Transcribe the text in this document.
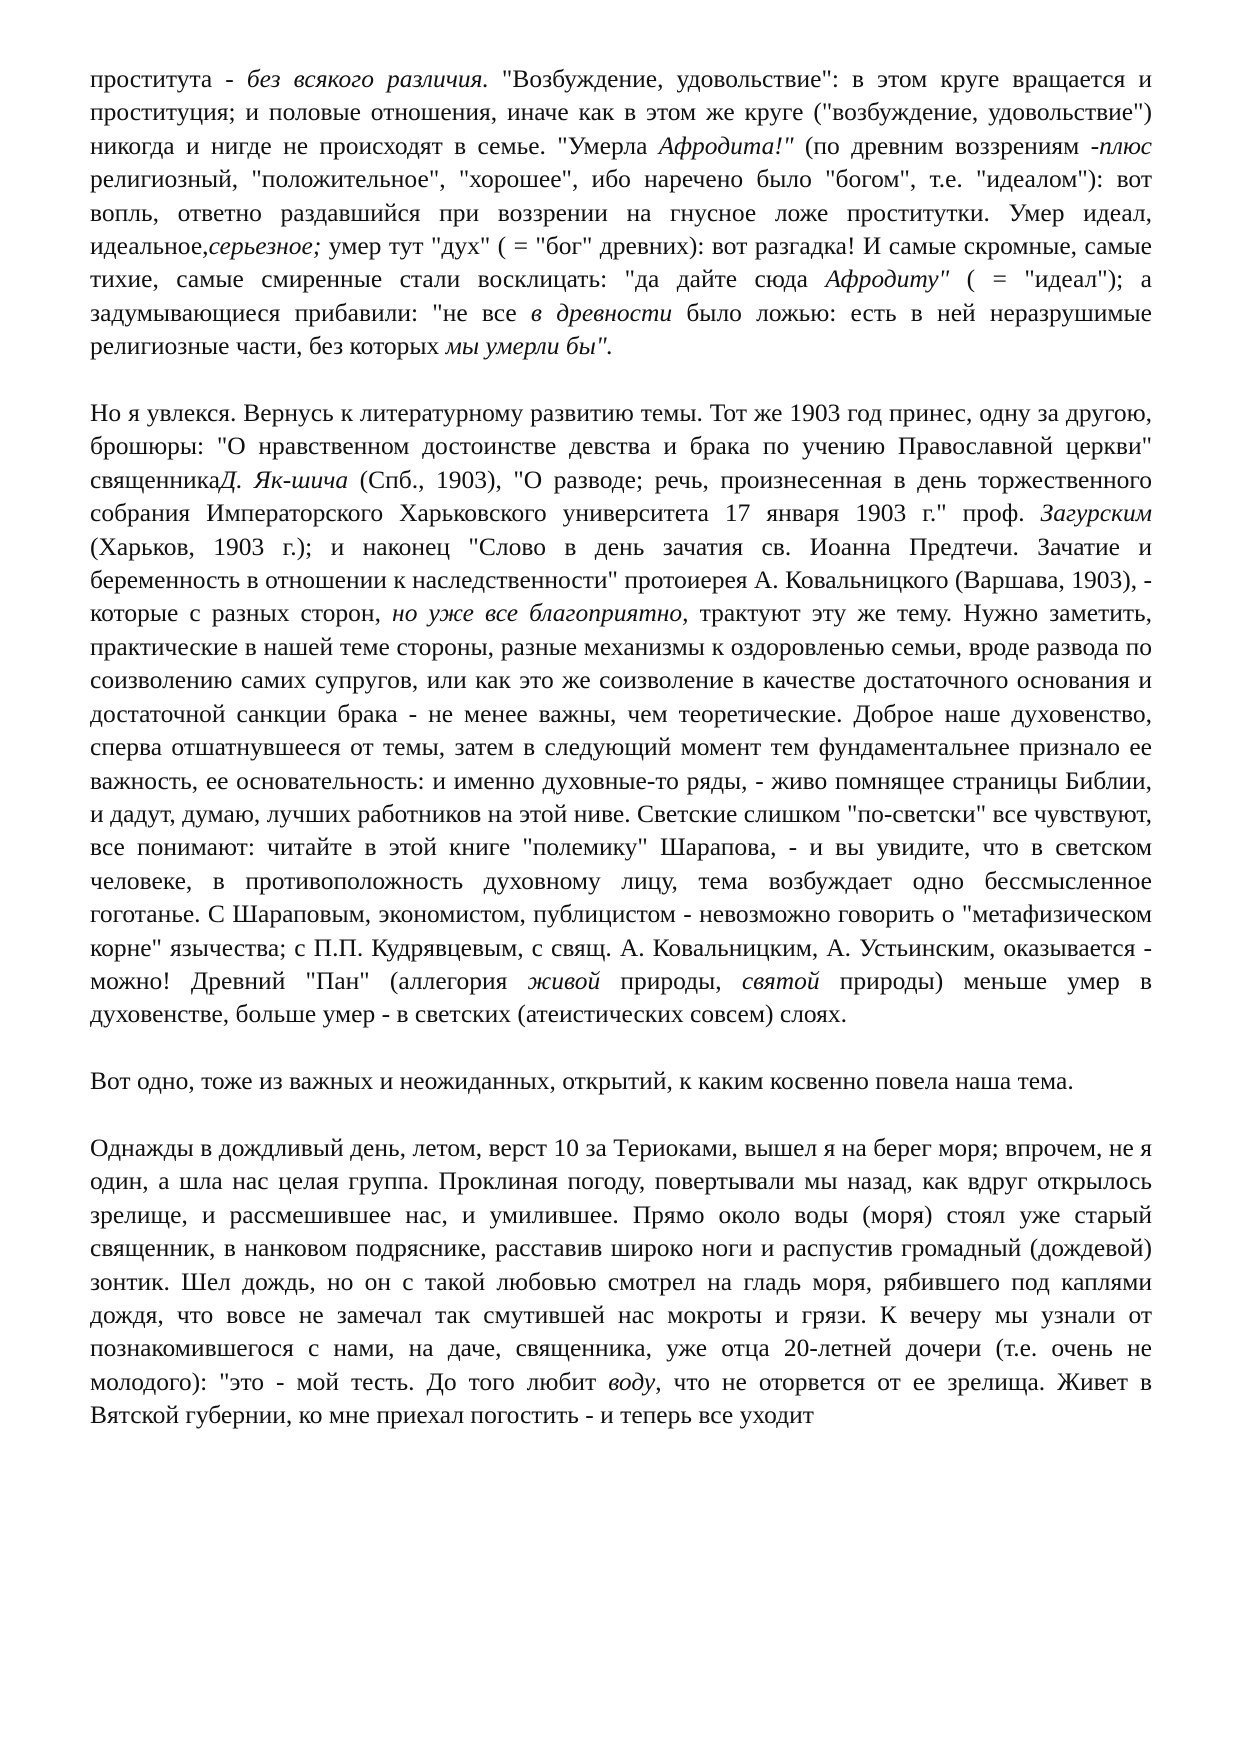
проститута - без всякого различия. "Возбуждение, удовольствие": в этом круге вращается и проституция; и половые отношения, иначе как в этом же круге ("возбуждение, удовольствие") никогда и нигде не происходят в семье. "Умерла Афродита!" (по древним воззрениям -плюс религиозный, "положительное", "хорошее", ибо наречено было "богом", т.е. "идеалом"): вот вопль, ответно раздавшийся при воззрении на гнусное ложе проститутки. Умер идеал, идеальное,серьезное; умер тут "дух" ( = "бог" древних): вот разгадка! И самые скромные, самые тихие, самые смиренные стали восклицать: "да дайте сюда Афродиту" ( = "идеал"); а задумывающиеся прибавили: "не все в древности было ложью: есть в ней неразрушимые религиозные части, без которых мы умерли бы".

Но я увлекся. Вернусь к литературному развитию темы. Тот же 1903 год принес, одну за другою, брошюры: "О нравственном достоинстве девства и брака по учению Православной церкви" священникаД. Як-шича (Спб., 1903), "О разводе; речь, произнесенная в день торжественного собрания Императорского Харьковского университета 17 января 1903 г." проф. Загурским (Харьков, 1903 г.); и наконец "Слово в день зачатия св. Иоанна Предтечи. Зачатие и беременность в отношении к наследственности" протоиерея А. Ковальницкого (Варшава, 1903), - которые с разных сторон, но уже все благоприятно, трактуют эту же тему. Нужно заметить, практические в нашей теме стороны, разные механизмы к оздоровленью семьи, вроде развода по соизволению самих супругов, или как это же соизволение в качестве достаточного основания и достаточной санкции брака - не менее важны, чем теоретические. Доброе наше духовенство, сперва отшатнувшееся от темы, затем в следующий момент тем фундаментальнее признало ее важность, ее основательность: и именно духовные-то ряды, - живо помнящее страницы Библии, и дадут, думаю, лучших работников на этой ниве. Светские слишком "по-светски" все чувствуют, все понимают: читайте в этой книге "полемику" Шарапова, - и вы увидите, что в светском человеке, в противоположность духовному лицу, тема возбуждает одно бессмысленное гоготанье. С Шараповым, экономистом, публицистом - невозможно говорить о "метафизическом корне" язычества; с П.П. Кудрявцевым, с свящ. А. Ковальницким, А. Устьинским, оказывается - можно! Древний "Пан" (аллегория живой природы, святой природы) меньше умер в духовенстве, больше умер - в светских (атеистических совсем) слоях.

Вот одно, тоже из важных и неожиданных, открытий, к каким косвенно повела наша тема.

Однажды в дождливый день, летом, верст 10 за Териоками, вышел я на берег моря; впрочем, не я один, а шла нас целая группа. Проклиная погоду, повертывали мы назад, как вдруг открылось зрелище, и рассмешившее нас, и умилившее. Прямо около воды (моря) стоял уже старый священник, в нанковом подряснике, расставив широко ноги и распустив громадный (дождевой) зонтик. Шел дождь, но он с такой любовью смотрел на гладь моря, рябившего под каплями дождя, что вовсе не замечал так смутившей нас мокроты и грязи. К вечеру мы узнали от познакомившегося с нами, на даче, священника, уже отца 20-летней дочери (т.е. очень не молодого): "это - мой тесть. До того любит воду, что не оторвется от ее зрелища. Живет в Вятской губернии, ко мне приехал погостить - и теперь все уходит
